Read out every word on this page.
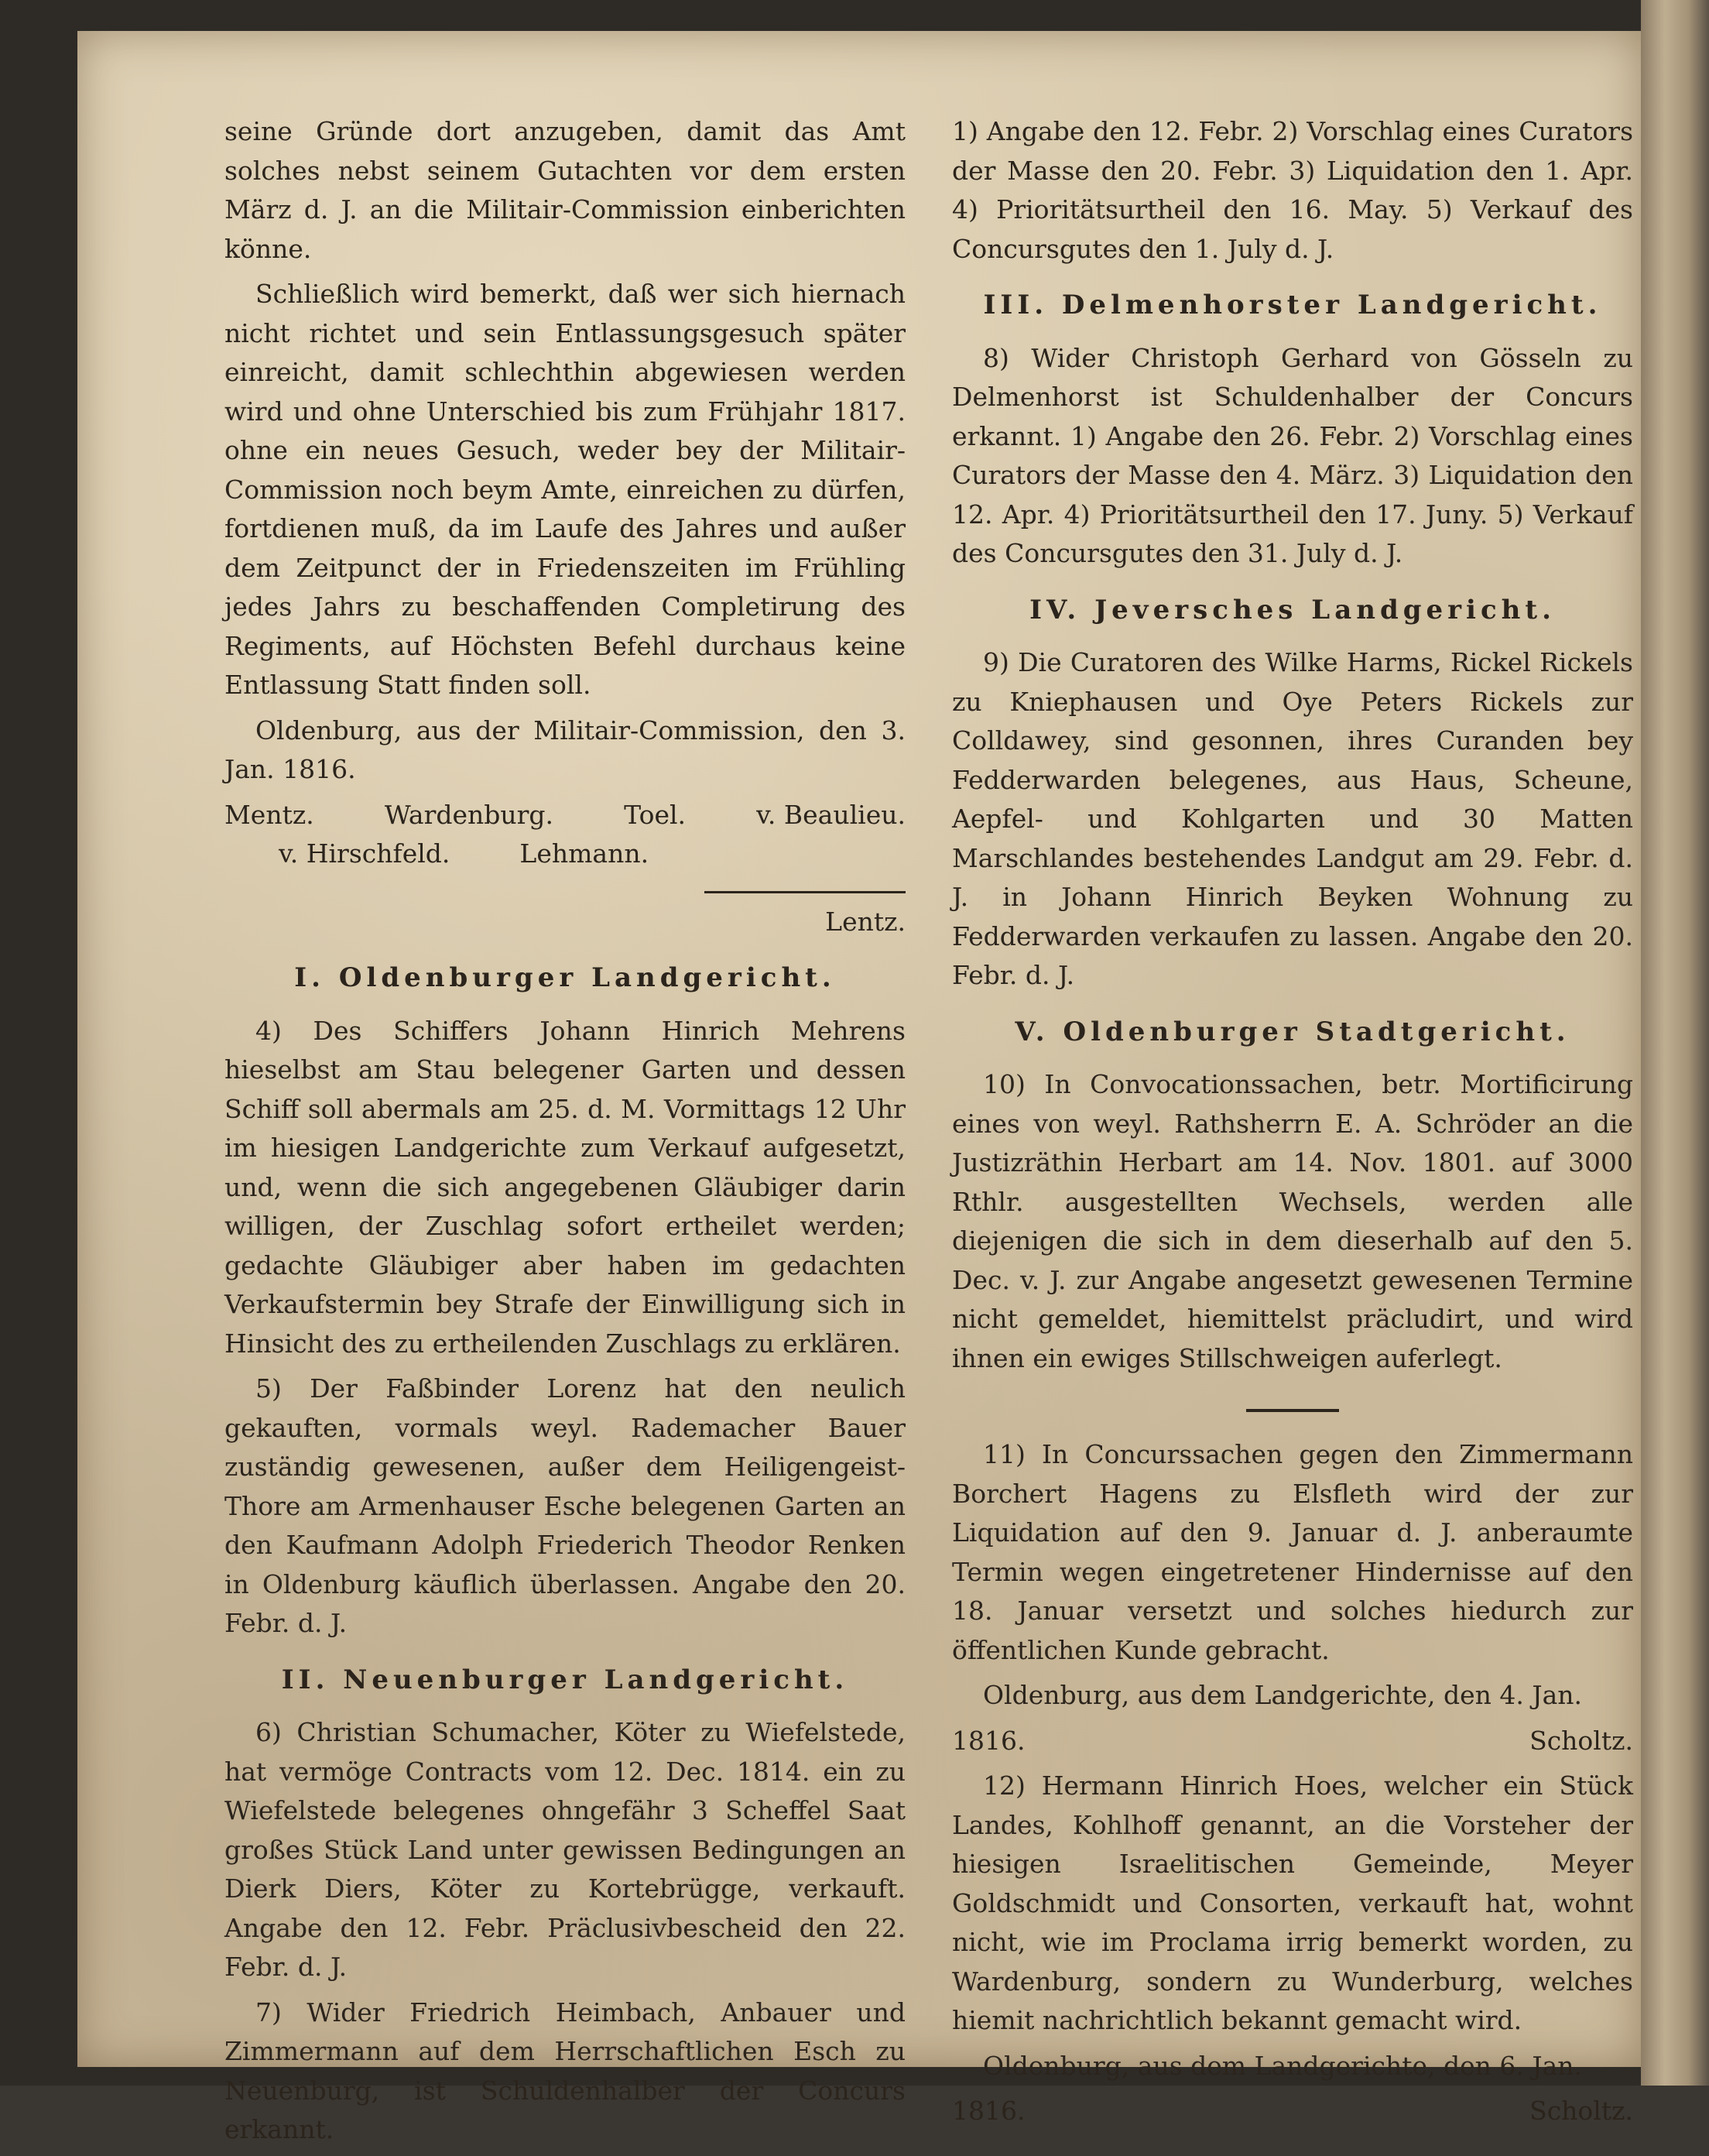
seine Gründe dort anzugeben, damit das Amt solches nebst seinem Gutachten vor dem ersten März d. J. an die Militair-Commission einberichten könne.

Schließlich wird bemerkt, daß wer sich hiernach nicht richtet und sein Entlassungsgesuch später einreicht, damit schlechthin abgewiesen werden wird und ohne Unterschied bis zum Frühjahr 1817. ohne ein neues Gesuch, weder bey der Militair-Commission noch beym Amte, einreichen zu dürfen, fortdienen muß, da im Laufe des Jahres und außer dem Zeitpunct der in Friedenszeiten im Frühling jedes Jahrs zu beschaffenden Completirung des Regiments, auf Höchsten Befehl durchaus keine Entlassung Statt finden soll.

Oldenburg, aus der Militair-Commission, den 3. Jan. 1816.

Mentz.	Wardenburg.	Toel.	v. Beaulieu.
v. Hirschfeld.	Lehmann.

Lentz.

I. Oldenburger Landgericht.

4) Des Schiffers Johann Hinrich Mehrens hieselbst am Stau belegener Garten und dessen Schiff soll abermals am 25. d. M. Vormittags 12 Uhr im hiesigen Landgerichte zum Verkauf aufgesetzt, und, wenn die sich angegebenen Gläubiger darin willigen, der Zuschlag sofort ertheilet werden; gedachte Gläubiger aber haben im gedachten Verkaufstermin bey Strafe der Einwilligung sich in Hinsicht des zu ertheilenden Zuschlags zu erklären.

5) Der Faßbinder Lorenz hat den neulich gekauften, vormals weyl. Rademacher Bauer zuständig gewesenen, außer dem Heiligengeist-Thore am Armenhauser Esche belegenen Garten an den Kaufmann Adolph Friederich Theodor Renken in Oldenburg käuflich überlassen. Angabe den 20. Febr. d. J.

II. Neuenburger Landgericht.

6) Christian Schumacher, Köter zu Wiefelstede, hat vermöge Contracts vom 12. Dec. 1814. ein zu Wiefelstede belegenes ohngefähr 3 Scheffel Saat großes Stück Land unter gewissen Bedingungen an Dierk Diers, Köter zu Kortebrügge, verkauft. Angabe den 12. Febr. Präclusivbescheid den 22. Febr. d. J.

7) Wider Friedrich Heimbach, Anbauer und Zimmermann auf dem Herrschaftlichen Esch zu Neuenburg, ist Schuldenhalber der Concurs erkannt.

1) Angabe den 12. Febr. 2) Vorschlag eines Curators der Masse den 20. Febr. 3) Liquidation den 1. Apr. 4) Prioritätsurtheil den 16. May. 5) Verkauf des Concursgutes den 1. July d. J.

III. Delmenhorster Landgericht.

8) Wider Christoph Gerhard von Gösseln zu Delmenhorst ist Schuldenhalber der Concurs erkannt. 1) Angabe den 26. Febr. 2) Vorschlag eines Curators der Masse den 4. März. 3) Liquidation den 12. Apr. 4) Prioritätsurtheil den 17. Juny. 5) Verkauf des Concursgutes den 31. July d. J.

IV. Jeversches Landgericht.

9) Die Curatoren des Wilke Harms, Rickel Rickels zu Kniephausen und Oye Peters Rickels zur Colldawey, sind gesonnen, ihres Curanden bey Fedderwarden belegenes, aus Haus, Scheune, Aepfel- und Kohlgarten und 30 Matten Marschlandes bestehendes Landgut am 29. Febr. d. J. in Johann Hinrich Beyken Wohnung zu Fedderwarden verkaufen zu lassen. Angabe den 20. Febr. d. J.

V. Oldenburger Stadtgericht.

10) In Convocationssachen, betr. Mortificirung eines von weyl. Rathsherrn E. A. Schröder an die Justizräthin Herbart am 14. Nov. 1801. auf 3000 Rthlr. ausgestellten Wechsels, werden alle diejenigen die sich in dem dieserhalb auf den 5. Dec. v. J. zur Angabe angesetzt gewesenen Termine nicht gemeldet, hiemittelst präcludirt, und wird ihnen ein ewiges Stillschweigen auferlegt.

11) In Concurssachen gegen den Zimmermann Borchert Hagens zu Elsfleth wird der zur Liquidation auf den 9. Januar d. J. anberaumte Termin wegen eingetretener Hindernisse auf den 18. Januar versetzt und solches hiedurch zur öffentlichen Kunde gebracht.

Oldenburg, aus dem Landgerichte, den 4. Jan.

1816.	Scholtz.

12) Hermann Hinrich Hoes, welcher ein Stück Landes, Kohlhoff genannt, an die Vorsteher der hiesigen Israelitischen Gemeinde, Meyer Goldschmidt und Consorten, verkauft hat, wohnt nicht, wie im Proclama irrig bemerkt worden, zu Wardenburg, sondern zu Wunderburg, welches hiemit nachrichtlich bekannt gemacht wird.

Oldenburg, aus dem Landgerichte, den 6. Jan.

1816.	Scholtz.
